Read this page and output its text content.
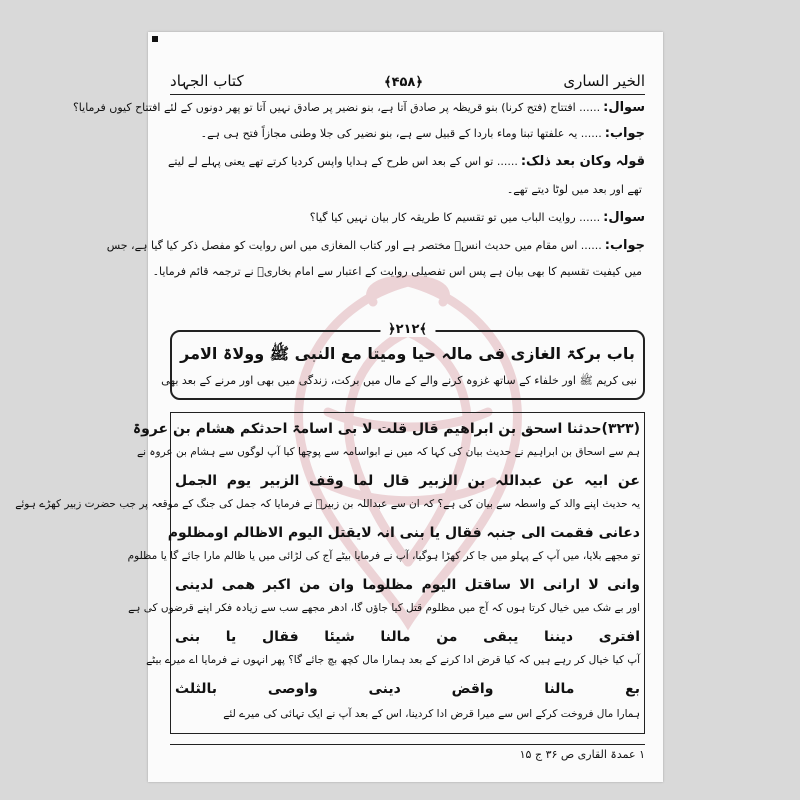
الخیر الساری
﴿۴۵۸﴾
کتاب الجہاد
سوال:...... افتتاح (فتح کرنا) بنو قریظہ پر صادق آتا ہے، بنو نضیر پر صادق نہیں آتا تو پھر دونوں کے لئے افتتاح کیوں فرمایا؟
جواب:...... یہ علفتھا تبنا وماء باردا کے قبیل سے ہے، بنو نضیر کی جلا وطنی مجازاً فتح ہی ہے۔
قولہ وکان بعد ذلک:...... تو اس کے بعد اس طرح کے ہدایا واپس کردیا کرتے تھے یعنی پہلے لے لیتے
تھے اور بعد میں لوٹا دیتے تھے۔
سوال:...... روایت الباب میں تو تقسیم کا طریقہ کار بیان نہیں کیا گیا؟
جواب:...... اس مقام میں حدیث انسؓ مختصر ہے اور کتاب المغازی میں اس روایت کو مفصل ذکر کیا گیا ہے، جس
میں کیفیت تقسیم کا بھی بیان ہے پس اس تفصیلی روایت کے اعتبار سے امام بخاریؒ نے ترجمہ قائم فرمایا۔
﴿۲۱۲﴾
باب برکۃ الغازی فی مالہ حیا ومیتا مع النبی ﷺ وولاۃ الامر
نبی کریم ﷺ اور خلفاء کے ساتھ غزوہ کرنے والے کے مال میں برکت، زندگی میں بھی اور مرنے کے بعد بھی
(۳۲۳)حدثنا اسحق بن ابراھیم قال قلت لا بی اسامۃ احدثکم ھشام بن عروۃ
ہم سے اسحاق بن ابراہیم نے حدیث بیان کی کہا کہ میں نے ابواسامہ سے پوچھا کیا آپ لوگوں سے ہشام بن عروہ نے
عن ابیہ عن عبداللہ بن الزبیر قال لما وقف الزبیر یوم الجمل
یہ حدیث اپنے والد کے واسطہ سے بیان کی ہے؟ کہ ان سے عبداللہ بن زبیرؓ نے فرمایا کہ جمل کی جنگ کے موقعہ پر جب حضرت زبیر کھڑے ہوئے
دعانی فقمت الی جنبہ فقال یا بنی انہ لایقتل الیوم الاظالم اومظلوم
تو مجھے بلایا، میں آپ کے پہلو میں جا کر کھڑا ہوگیا، آپ نے فرمایا بیٹے آج کی لڑائی میں یا ظالم مارا جائے گا یا مظلوم
وانی لا ارانی الا ساقتل الیوم مظلوما وان من اکبر ھمی لدینی
اور بے شک میں خیال کرتا ہوں کہ آج میں مظلوم قتل کیا جاؤں گا، ادھر مجھے سب سے زیادہ فکر اپنے قرضوں کی ہے
افتری دیننا یبقی من مالنا شیئا فقال یا بنی
آپ کیا خیال کر رہے ہیں کہ کیا قرض ادا کرنے کے بعد ہمارا مال کچھ بچ جائے گا؟ پھر انہوں نے فرمایا اے میرے بیٹے
بع مالنا واقض دینی واوصی بالثلث
ہمارا مال فروخت کرکے اس سے میرا قرض ادا کردینا، اس کے بعد آپ نے ایک تہائی کی میرے لئے
۱ عمدۃ القاری ص ۳۶ ج ۱۵
